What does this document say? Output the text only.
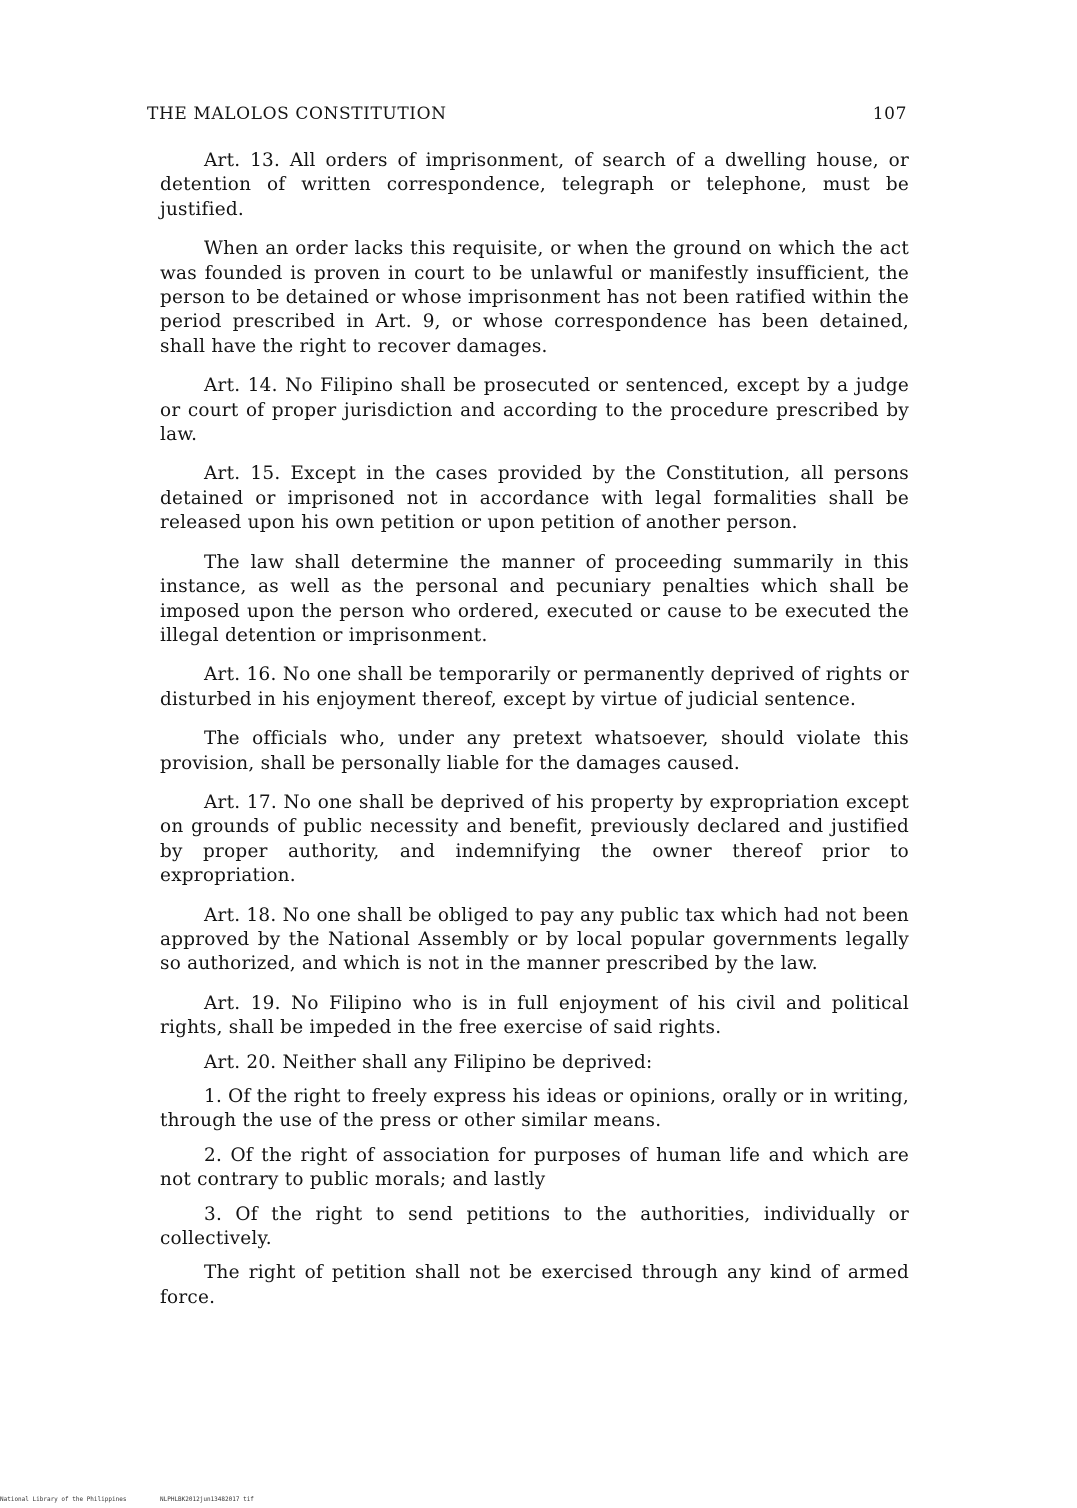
THE MALOLOS CONSTITUTION	107

Art. 13. All orders of imprisonment, of search of a dwelling house, or detention of written correspondence, telegraph or telephone, must be justified.

When an order lacks this requisite, or when the ground on which the act was founded is proven in court to be unlawful or manifestly insufficient, the person to be detained or whose imprisonment has not been ratified within the period prescribed in Art. 9, or whose correspondence has been detained, shall have the right to recover damages.

Art. 14. No Filipino shall be prosecuted or sentenced, except by a judge or court of proper jurisdiction and according to the procedure prescribed by law.

Art. 15. Except in the cases provided by the Constitution, all persons detained or imprisoned not in accordance with legal formalities shall be released upon his own petition or upon petition of another person.

The law shall determine the manner of proceeding summarily in this instance, as well as the personal and pecuniary penalties which shall be imposed upon the person who ordered, executed or cause to be executed the illegal detention or imprisonment.

Art. 16. No one shall be temporarily or permanently deprived of rights or disturbed in his enjoyment thereof, except by virtue of judicial sentence.

The officials who, under any pretext whatsoever, should violate this provision, shall be personally liable for the damages caused.

Art. 17. No one shall be deprived of his property by expropriation except on grounds of public necessity and benefit, previously declared and justified by proper authority, and indemnifying the owner thereof prior to expropriation.

Art. 18. No one shall be obliged to pay any public tax which had not been approved by the National Assembly or by local popular governments legally so authorized, and which is not in the manner prescribed by the law.

Art. 19. No Filipino who is in full enjoyment of his civil and political rights, shall be impeded in the free exercise of said rights.

Art. 20. Neither shall any Filipino be deprived:

1. Of the right to freely express his ideas or opinions, orally or in writing, through the use of the press or other similar means.

2. Of the right of association for purposes of human life and which are not contrary to public morals; and lastly

3. Of the right to send petitions to the authorities, individually or collectively.

The right of petition shall not be exercised through any kind of armed force.

National Library of the Philippines	NLPHLBK2012jun13482017 tif
